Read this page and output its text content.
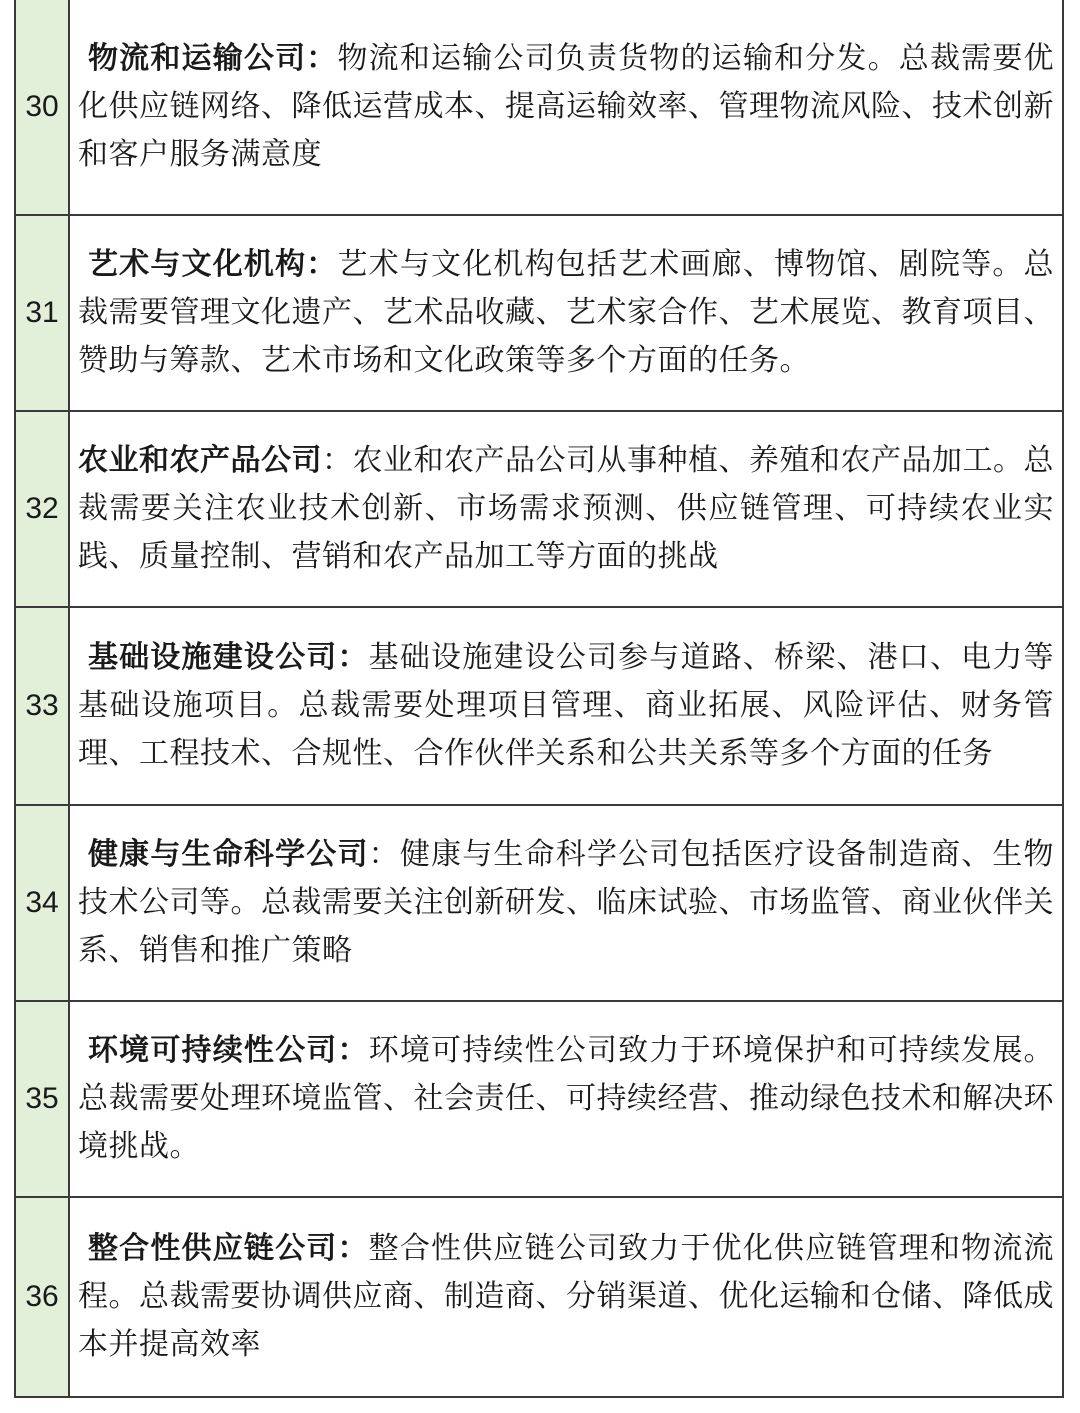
30

物流和运输公司：物流和运输公司负责货物的运输和分发。总裁需要优化供应链网络、降低运营成本、提高运输效率、管理物流风险、技术创新和客户服务满意度

31

艺术与文化机构：艺术与文化机构包括艺术画廊、博物馆、剧院等。总裁需要管理文化遗产、艺术品收藏、艺术家合作、艺术展览、教育项目、赞助与筹款、艺术市场和文化政策等多个方面的任务。

32

农业和农产品公司：农业和农产品公司从事种植、养殖和农产品加工。总裁需要关注农业技术创新、市场需求预测、供应链管理、可持续农业实践、质量控制、营销和农产品加工等方面的挑战

33

基础设施建设公司：基础设施建设公司参与道路、桥梁、港口、电力等基础设施项目。总裁需要处理项目管理、商业拓展、风险评估、财务管理、工程技术、合规性、合作伙伴关系和公共关系等多个方面的任务

34

健康与生命科学公司：健康与生命科学公司包括医疗设备制造商、生物技术公司等。总裁需要关注创新研发、临床试验、市场监管、商业伙伴关系、销售和推广策略

35

环境可持续性公司：环境可持续性公司致力于环境保护和可持续发展。总裁需要处理环境监管、社会责任、可持续经营、推动绿色技术和解决环境挑战。

36

整合性供应链公司：整合性供应链公司致力于优化供应链管理和物流流程。总裁需要协调供应商、制造商、分销渠道、优化运输和仓储、降低成本并提高效率
